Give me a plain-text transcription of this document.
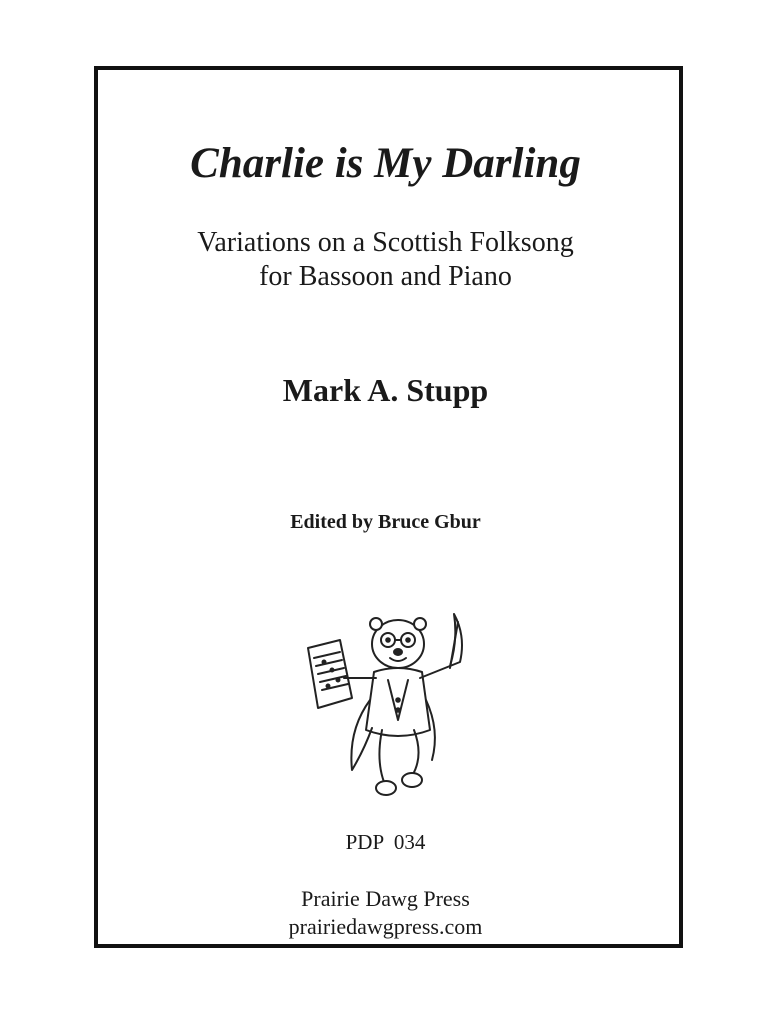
Charlie is My Darling
Variations on a Scottish Folksong
for Bassoon and Piano
Mark A. Stupp
Edited by Bruce Gbur
PDP  034
Prairie Dawg Press
prairiedawgpress.com
